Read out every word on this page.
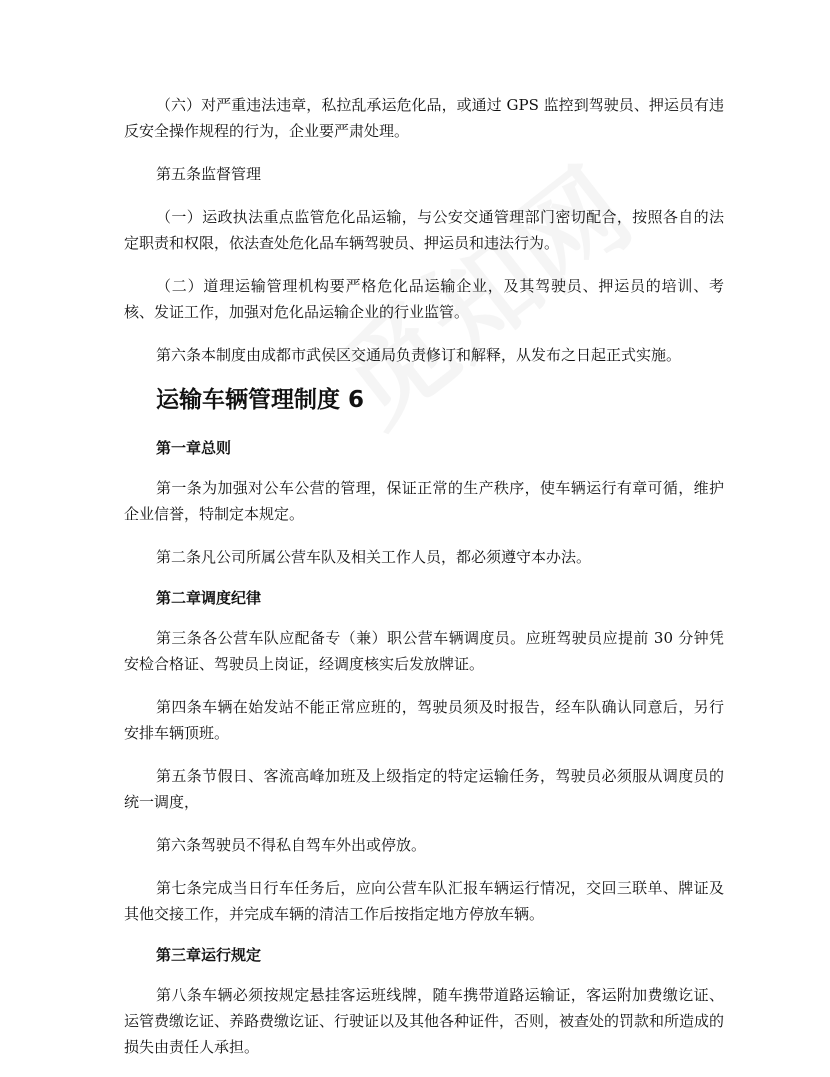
（六）对严重违法违章，私拉乱承运危化品，或通过 GPS 监控到驾驶员、押运员有违反安全操作规程的行为，企业要严肃处理。

第五条监督管理

（一）运政执法重点监管危化品运输，与公安交通管理部门密切配合，按照各自的法定职责和权限，依法查处危化品车辆驾驶员、押运员和违法行为。

（二）道理运输管理机构要严格危化品运输企业，及其驾驶员、押运员的培训、考核、发证工作，加强对危化品运输企业的行业监管。

第六条本制度由成都市武侯区交通局负责修订和解释，从发布之日起正式实施。

运输车辆管理制度 6
第一章总则

第一条为加强对公车公营的管理，保证正常的生产秩序，使车辆运行有章可循，维护企业信誉，特制定本规定。

第二条凡公司所属公营车队及相关工作人员，都必须遵守本办法。

第二章调度纪律

第三条各公营车队应配备专（兼）职公营车辆调度员。应班驾驶员应提前 30 分钟凭安检合格证、驾驶员上岗证，经调度核实后发放牌证。

第四条车辆在始发站不能正常应班的，驾驶员须及时报告，经车队确认同意后，另行安排车辆顶班。

第五条节假日、客流高峰加班及上级指定的特定运输任务，驾驶员必须服从调度员的统一调度，

第六条驾驶员不得私自驾车外出或停放。

第七条完成当日行车任务后，应向公营车队汇报车辆运行情况，交回三联单、牌证及其他交接工作，并完成车辆的清洁工作后按指定地方停放车辆。

第三章运行规定

第八条车辆必须按规定悬挂客运班线牌，随车携带道路运输证，客运附加费缴讫证、运管费缴讫证、养路费缴讫证、行驶证以及其他各种证件，否则，被查处的罚款和所造成的损失由责任人承担。
